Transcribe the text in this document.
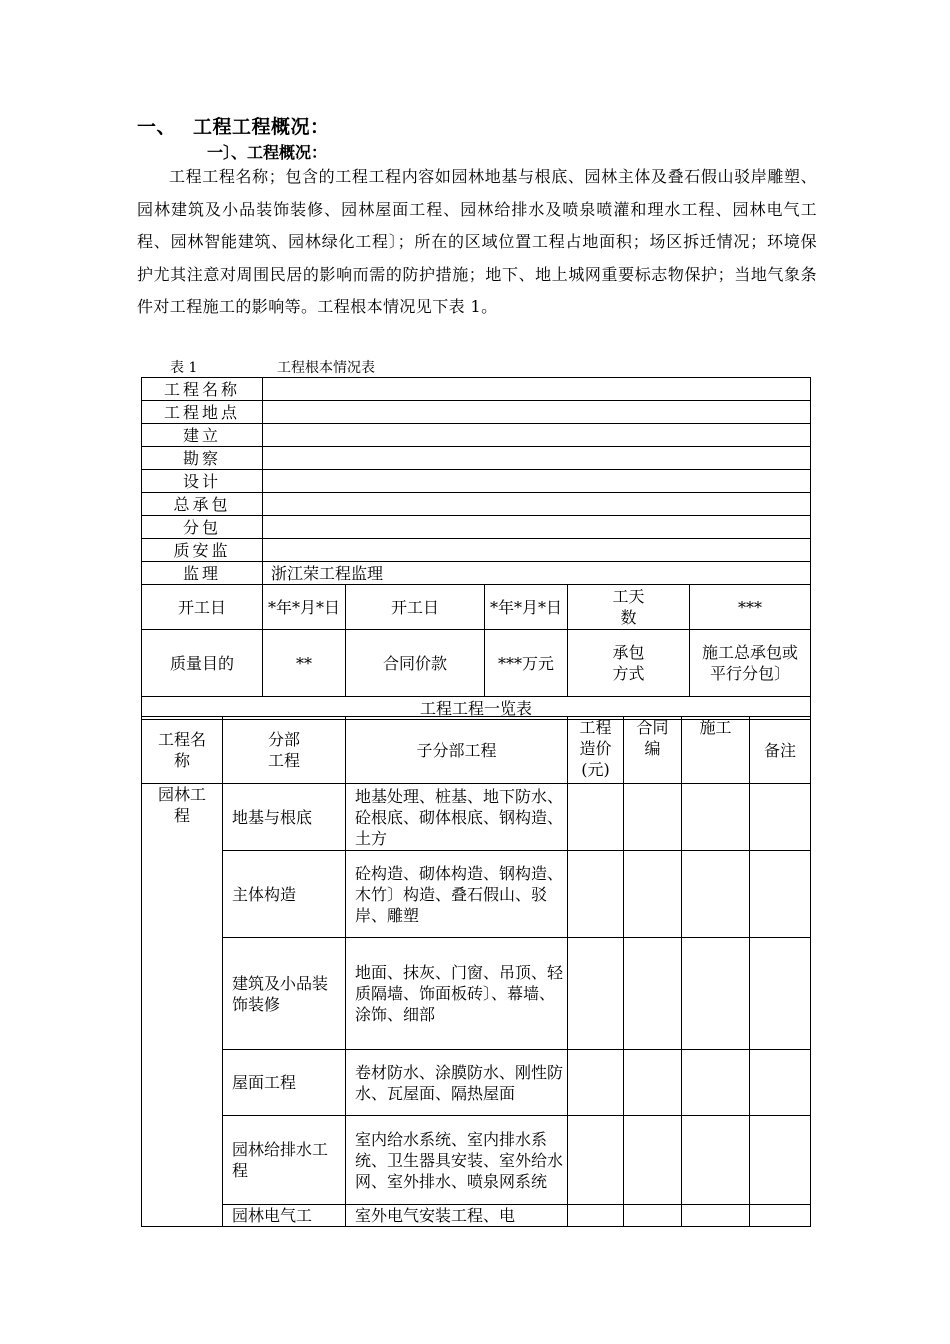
一、 工程工程概况：
一〕、工程概况：
工程工程名称；包含的工程工程内容如园林地基与根底、园林主体及叠石假山驳岸雕塑、园林建筑及小品装饰装修、园林屋面工程、园林给排水及喷泉喷灌和理水工程、园林电气工程、园林智能建筑、园林绿化工程〕；所在的区域位置工程占地面积；场区拆迁情况；环境保护尤其注意对周围民居的影响而需的防护措施；地下、地上城网重要标志物保护；当地气象条件对工程施工的影响等。工程根本情况见下表 1。
表 1	工程根本情况表
工程名称					
工程地点					
建立					
勘察					
设计					
总承包					
分包					
质安监					
监理	浙江荣工程监理				
开工日	*年*月*日	开工日	*年*月*日	工天数	***
质量目的	**	合同价款	***万元	承包方式	施工总承包或平行分包〕
工程工程一览表					
工程名称	分部工程	子分部工程	工程造价(元)	合同编	施工	备注
园林工程	地基与根底	地基处理、桩基、地下防水、砼根底、砌体根底、钢构造、土方				
	主体构造	砼构造、砌体构造、钢构造、木竹〕构造、叠石假山、驳岸、雕塑				
	建筑及小品装饰装修	地面、抹灰、门窗、吊顶、轻质隔墙、饰面板砖〕、幕墙、涂饰、细部				
	屋面工程	卷材防水、涂膜防水、刚性防水、瓦屋面、隔热屋面				
	园林给排水工程	室内给水系统、室内排水系统、卫生器具安装、室外给水网、室外排水、喷泉网系统				
	园林电气工	室外电气安装工程、电				
